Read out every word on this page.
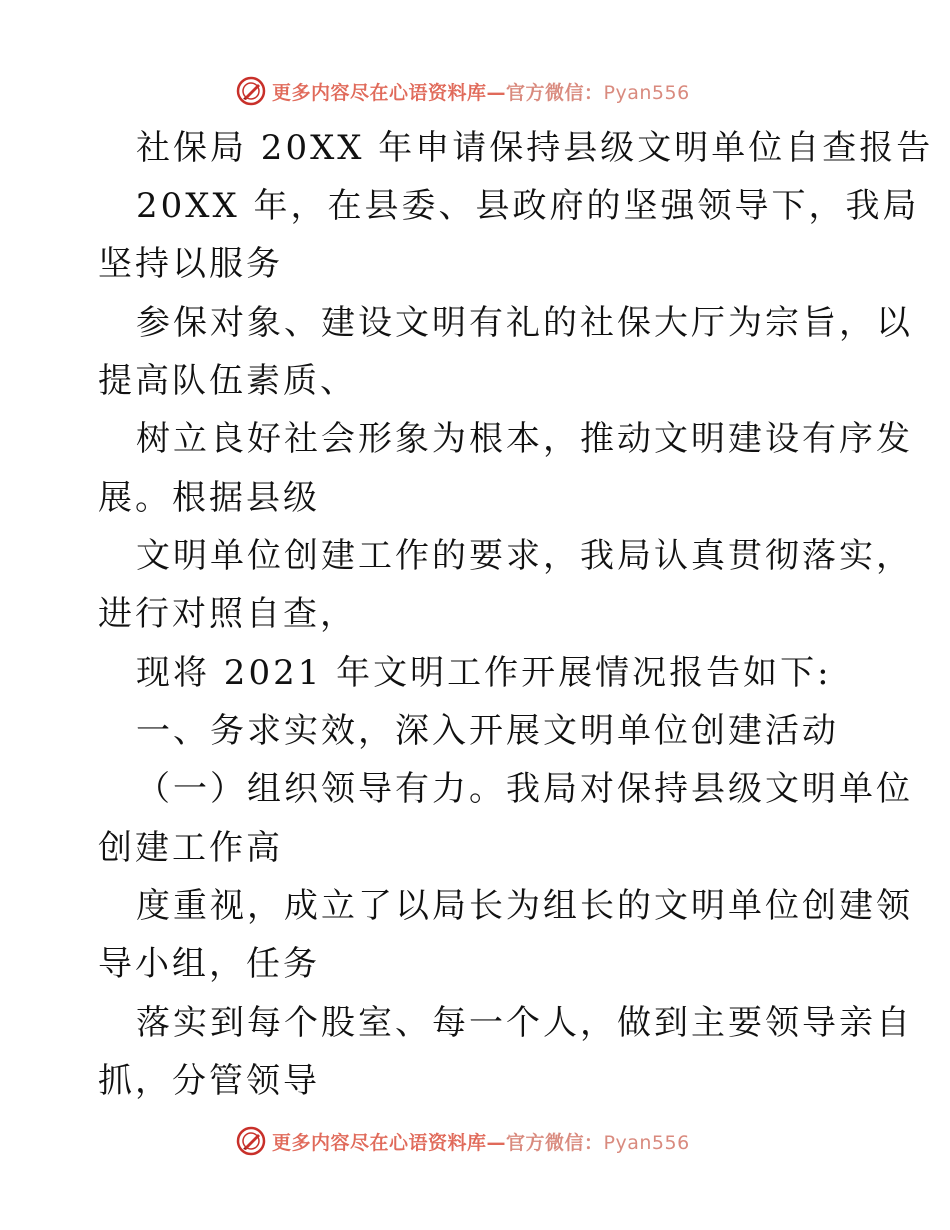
更多内容尽在心语资料库—官方微信：Pyan556
社保局 20XX 年申请保持县级文明单位自查报告
20XX 年，在县委、县政府的坚强领导下，我局
坚持以服务
参保对象、建设文明有礼的社保大厅为宗旨，以
提高队伍素质、
树立良好社会形象为根本，推动文明建设有序发
展。根据县级
文明单位创建工作的要求，我局认真贯彻落实，
进行对照自查，
现将 2021 年文明工作开展情况报告如下:
一、务求实效，深入开展文明单位创建活动
（一）组织领导有力。我局对保持县级文明单位
创建工作高
度重视，成立了以局长为组长的文明单位创建领
导小组，任务
落实到每个股室、每一个人，做到主要领导亲自
抓，分管领导
更多内容尽在心语资料库—官方微信：Pyan556
